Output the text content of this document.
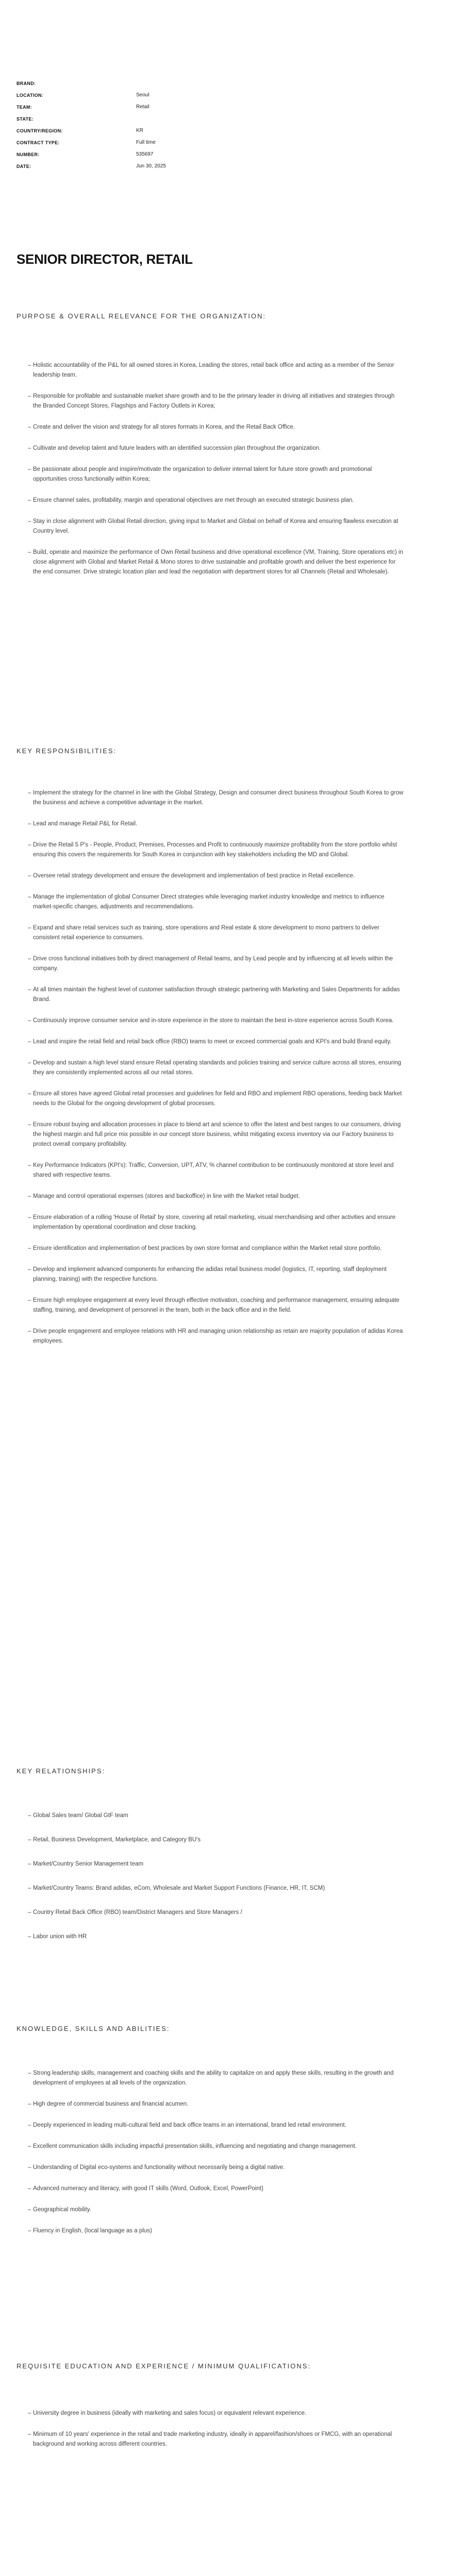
BRAND:
LOCATION:	Seoul
TEAM:	Retail
STATE:
COUNTRY/REGION:	KR
CONTRACT TYPE:	Full time
NUMBER:	535697
DATE:	Jun 30, 2025
SENIOR DIRECTOR, RETAIL
PURPOSE & OVERALL RELEVANCE FOR THE ORGANIZATION:
– Holistic accountability of the P&L for all owned stores in Korea, Leading the stores, retail back office and acting as a member of the Senior leadership team.
– Responsible for profitable and sustainable market share growth and to be the primary leader in driving all initiatives and strategies through the Branded Concept Stores, Flagships and Factory Outlets in Korea;
– Create and deliver the vision and strategy for all stores formats in Korea, and the Retail Back Office.
– Cultivate and develop talent and future leaders with an identified succession plan throughout the organization.
– Be passionate about people and inspire/motivate the organization to deliver internal talent for future store growth and promotional opportunities cross functionally within Korea;
– Ensure channel sales, profitability, margin and operational objectives are met through an executed strategic business plan.
– Stay in close alignment with Global Retail direction, giving input to Market and Global on behalf of Korea and ensuring flawless execution at Country level.
– Build, operate and maximize the performance of Own Retail business and drive operational excellence (VM, Training, Store operations etc) in close alignment with Global and Market Retail & Mono stores to drive sustainable and profitable growth and deliver the best experience for the end consumer. Drive strategic location plan and lead the negotiation with department stores for all Channels (Retail and Wholesale).
KEY RESPONSIBILITIES:
– Implement the strategy for the channel in line with the Global Strategy, Design and consumer direct business throughout South Korea to grow the business and achieve a competitive advantage in the market.
– Lead and manage Retail P&L for Retail.
– Drive the Retail 5 P's - People, Product, Premises, Processes and Profit to continuously maximize profitability from the store portfolio whilst ensuring this covers the requirements for South Korea in conjunction with key stakeholders including the MD and Global.
– Oversee retail strategy development and ensure the development and implementation of best practice in Retail excellence.
– Manage the implementation of global Consumer Direct strategies while leveraging market industry knowledge and metrics to influence market-specific changes, adjustments and recommendations.
– Expand and share retail services such as training, store operations and Real estate & store development to mono partners to deliver consistent retail experience to consumers.
– Drive cross functional initiatives both by direct management of Retail teams, and by Lead people and by influencing at all levels within the company.
– At all times maintain the highest level of customer satisfaction through strategic partnering with Marketing and Sales Departments for adidas Brand.
– Continuously improve consumer service and in-store experience in the store to maintain the best in-store experience across South Korea.
– Lead and inspire the retail field and retail back office (RBO) teams to meet or exceed commercial goals and KPI's and build Brand equity.
– Develop and sustain a high level stand ensure Retail operating standards and policies training and service culture across all stores, ensuring they are consistently implemented across all our retail stores.
– Ensure all stores have agreed Global retail processes and guidelines for field and RBO and implement RBO operations, feeding back Market needs to the Global for the ongoing development of global processes.
– Ensure robust buying and allocation processes in place to blend art and science to offer the latest and best ranges to our consumers, driving the highest margin and full price mix possible in our concept store business, whilst mitigating excess inventory via our Factory business to protect overall company profitability.
– Key Performance Indicators (KPI's): Traffic, Conversion, UPT, ATV, % channel contribution to be continuously monitored at store level and shared with respective teams.
– Manage and control operational expenses (stores and backoffice) in line with the Market retail budget.
– Ensure elaboration of a rolling 'House of Retail' by store, covering all retail marketing, visual merchandising and other activities and ensure implementation by operational coordination and close tracking.
– Ensure identification and implementation of best practices by own store format and compliance within the Market retail store portfolio.
– Develop and implement advanced components for enhancing the adidas retail business model (logistics, IT, reporting, staff deployment planning, training) with the respective functions.
– Ensure high employee engagement at every level through effective motivation, coaching and performance management, ensuring adequate staffing, training, and development of personnel in the team, both in the back office and in the field.
– Drive people engagement and employee relations with HR and managing union relationship as retain are majority population of adidas Korea employees.
KEY RELATIONSHIPS:
– Global Sales team/ Global GtF team
– Retail, Business Development, Marketplace, and Category BU's
– Market/Country Senior Management team
– Market/Country Teams: Brand adidas, eCom, Wholesale and Market Support Functions (Finance, HR, IT, SCM)
– Country Retail Back Office (RBO) team/District Managers and Store Managers /
– Labor union with HR
KNOWLEDGE, SKILLS AND ABILITIES:
– Strong leadership skills, management and coaching skills and the ability to capitalize on and apply these skills, resulting in the growth and development of employees at all levels of the organization.
– High degree of commercial business and financial acumen.
– Deeply experienced in leading multi-cultural field and back office teams in an international, brand led retail environment.
– Excellent communication skills including impactful presentation skills, influencing and negotiating and change management.
– Understanding of Digital eco-systems and functionality without necessarily being a digital native.
– Advanced numeracy and literacy, with good IT skills (Word, Outlook, Excel, PowerPoint)
– Geographical mobility.
– Fluency in English, (local language as a plus)
REQUISITE EDUCATION AND EXPERIENCE / MINIMUM QUALIFICATIONS:
– University degree in business (ideally with marketing and sales focus) or equivalent relevant experience.
– Minimum of 10 years' experience in the retail and trade marketing industry, ideally in apparel/fashion/shoes or FMCG, with an operational background and working across different countries.
